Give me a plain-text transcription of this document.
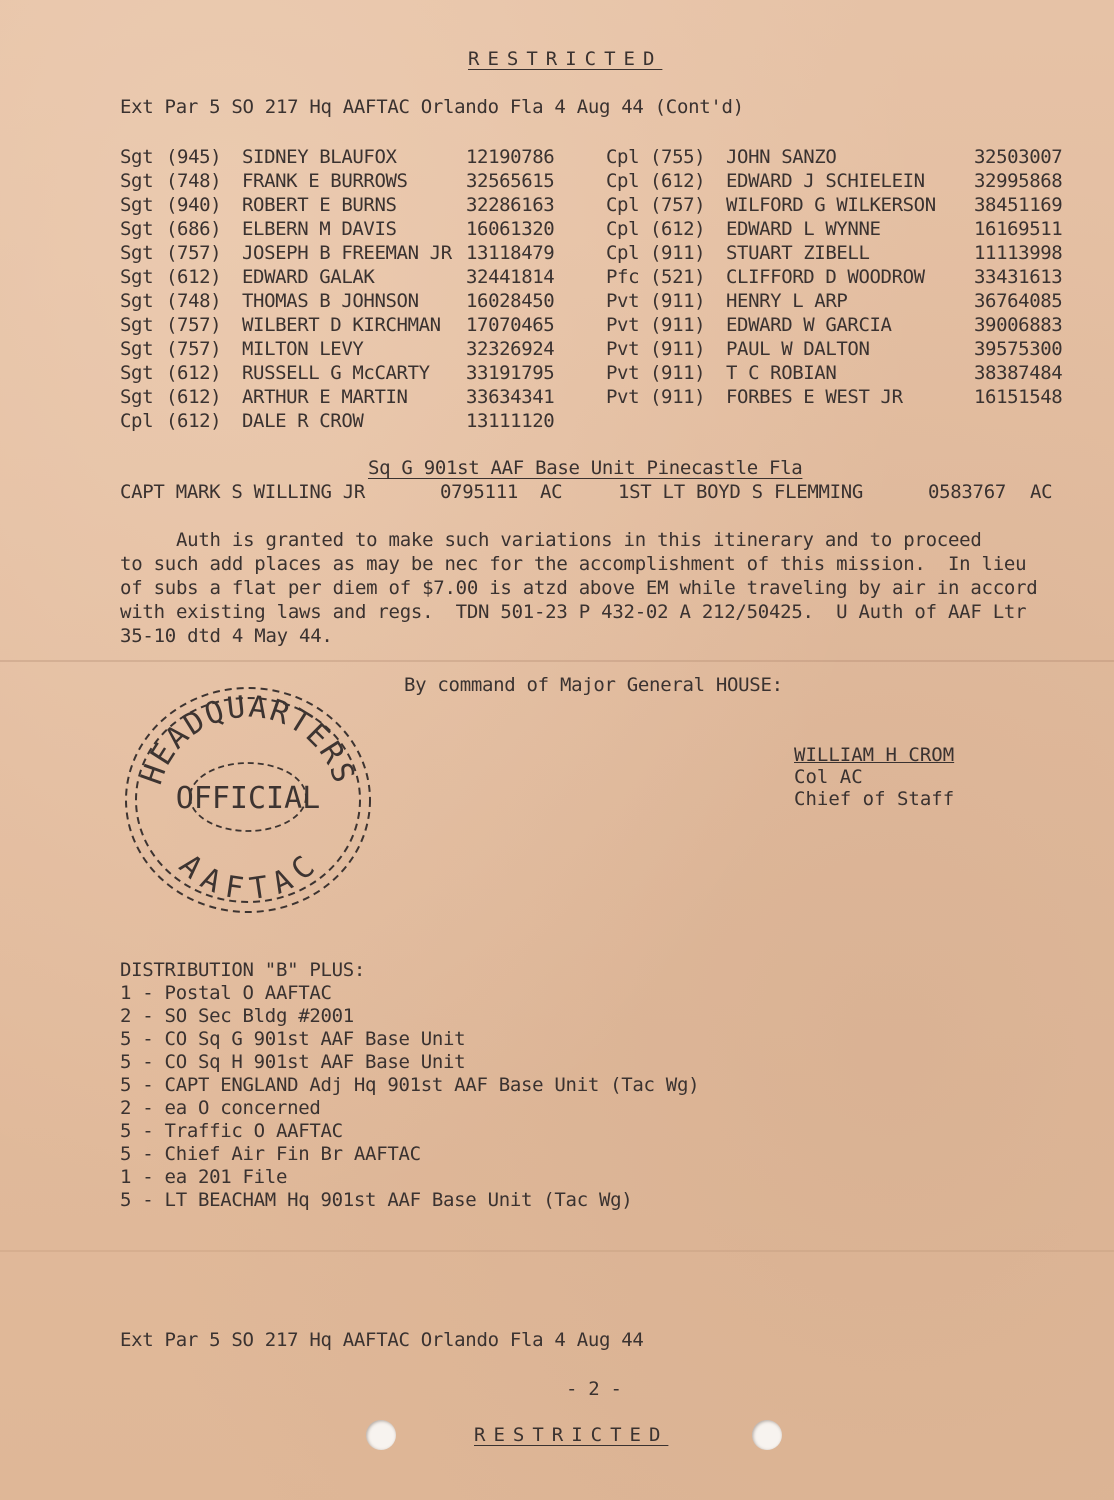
RESTRICTED
Ext Par 5 SO 217 Hq AAFTAC Orlando Fla 4 Aug 44 (Cont'd)
Sgt (945) SIDNEY BLAUFOX	12190786
Sgt (748) FRANK E BURROWS	32565615
Sgt (940) ROBERT E BURNS	32286163
Sgt (686) ELBERN M DAVIS	16061320
Sgt (757) JOSEPH B FREEMAN JR 13118479
Sgt (612) EDWARD GALAK	32441814
Sgt (748) THOMAS B JOHNSON 16028450
Sgt (757) WILBERT D KIRCHMAN 17070465
Sgt (757) MILTON LEVY	32326924
Sgt (612) RUSSELL G McCARTY 33191795
Sgt (612) ARTHUR E MARTIN	33634341
Cpl (612) DALE R CROW	13111120
Cpl (755) JOHN SANZO	32503007
Cpl (612) EDWARD J SCHIELEIN	32995868
Cpl (757) WILFORD G WILKERSON 38451169
Cpl (612) EDWARD L WYNNE	16169511
Cpl (911) STUART ZIBELL	11113998
Pfc (521) CLIFFORD D WOODROW	33431613
Pvt (911) HENRY L ARP	36764085
Pvt (911) EDWARD W GARCIA	39006883
Pvt (911) PAUL W DALTON	39575300
Pvt (911) T C ROBIAN	38387484
Pvt (911) FORBES E WEST JR	16151548
Sq G 901st AAF Base Unit Pinecastle Fla
CAPT MARK S WILLING JR	0795111 AC	1ST LT BOYD S FLEMMING	0583767 AC
Auth is granted to make such variations in this itinerary and to proceed
to such add places as may be nec for the accomplishment of this mission.  In lieu
of subs a flat per diem of $7.00 is atzd above EM while traveling by air in accord
with existing laws and regs.  TDN 501-23 P 432-02 A 212/50425.  U Auth of AAF Ltr
35-10 dtd 4 May 44.
By command of Major General HOUSE:
HEADQUARTERS
OFFICIAL
AAFTAC
WILLIAM H CROM
Col AC
Chief of Staff
DISTRIBUTION "B" PLUS:
1 - Postal O AAFTAC
2 - SO Sec Bldg #2001
5 - CO Sq G 901st AAF Base Unit
5 - CO Sq H 901st AAF Base Unit
5 - CAPT ENGLAND Adj Hq 901st AAF Base Unit (Tac Wg)
2 - ea O concerned
5 - Traffic O AAFTAC
5 - Chief Air Fin Br AAFTAC
1 - ea 201 File
5 - LT BEACHAM Hq 901st AAF Base Unit (Tac Wg)
Ext Par 5 SO 217 Hq AAFTAC Orlando Fla 4 Aug 44
- 2 -
RESTRICTED
